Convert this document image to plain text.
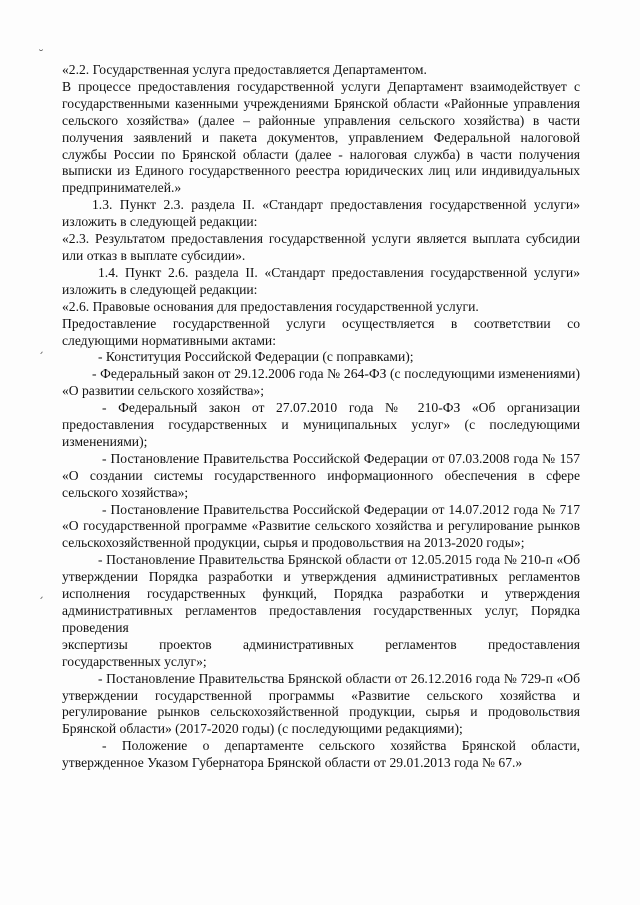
˘
ˏ
ˏ

«2.2. Государственная услуга предоставляется Департаментом.

В процессе предоставления государственной услуги Департамент взаимодействует с государственными казенными учреждениями Брянской области «Районные управления сельского хозяйства» (далее – районные управления сельского хозяйства) в части получения заявлений и пакета документов, управлением Федеральной налоговой службы России по Брянской области (далее - налоговая служба) в части получения выписки из Единого государственного реестра юридических лиц или индивидуальных предпринимателей.»

1.3. Пункт 2.3. раздела II. «Стандарт предоставления государственной услуги» изложить в следующей редакции:

«2.3. Результатом предоставления государственной услуги является выплата субсидии или отказ в выплате субсидии».

1.4. Пункт 2.6. раздела II. «Стандарт предоставления государственной услуги» изложить в следующей редакции:

«2.6. Правовые основания для предоставления государственной услуги.

Предоставление государственной услуги осуществляется в соответствии со следующими нормативными актами:

- Конституция Российской Федерации (с поправками);

- Федеральный закон от 29.12.2006 года № 264-ФЗ (с последующими изменениями) «О развитии сельского хозяйства»;

- Федеральный закон от 27.07.2010 года № 210-ФЗ «Об организации предоставления государственных и муниципальных услуг» (с последующими изменениями);

- Постановление Правительства Российской Федерации от 07.03.2008 года № 157 «О создании системы государственного информационного обеспечения в сфере сельского хозяйства»;

- Постановление Правительства Российской Федерации от 14.07.2012 года № 717 «О государственной программе «Развитие сельского хозяйства и регулирование рынков сельскохозяйственной продукции, сырья и продовольствия на 2013-2020 годы»;

- Постановление Правительства Брянской области от 12.05.2015 года № 210-п «Об утверждении Порядка разработки и утверждения административных регламентов исполнения государственных функций, Порядка разработки и утверждения административных регламентов предоставления государственных услуг, Порядка проведения

экспертизы проектов административных регламентов предоставления

государственных услуг»;

- Постановление Правительства Брянской области от 26.12.2016 года № 729-п «Об утверждении государственной программы «Развитие сельского хозяйства и регулирование рынков сельскохозяйственной продукции, сырья и продовольствия Брянской области» (2017-2020 годы) (с последующими редакциями);

- Положение о департаменте сельского хозяйства Брянской области, утвержденное Указом Губернатора Брянской области от 29.01.2013 года № 67.»
